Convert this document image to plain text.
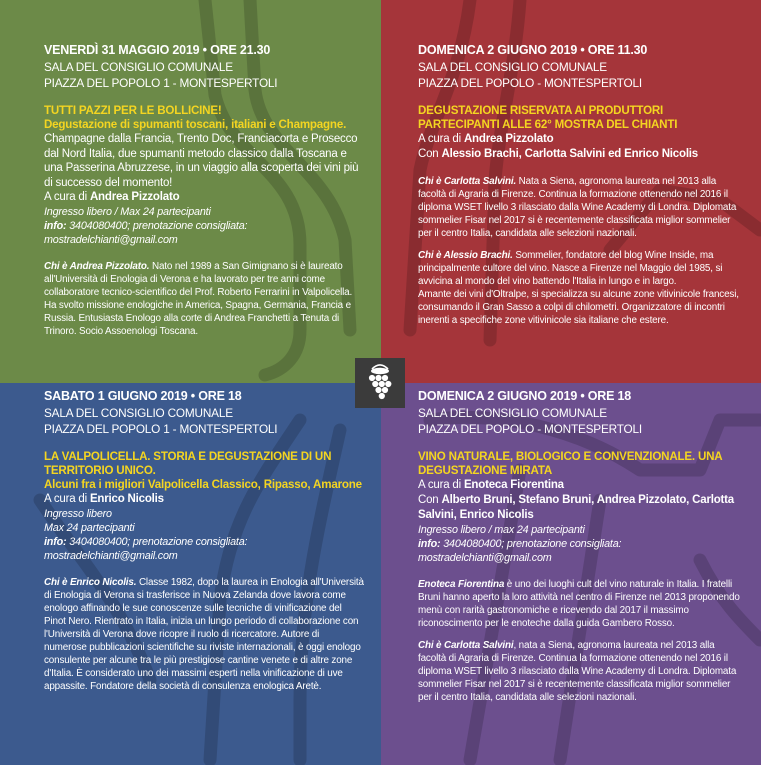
VENERDÌ 31 MAGGIO 2019 • ORE 21.30
SALA DEL CONSIGLIO COMUNALE
PIAZZA DEL POPOLO 1 - MONTESPERTOLI
TUTTI PAZZI PER LE BOLLICINE!
Degustazione di spumanti toscani, italiani e Champagne.
Champagne dalla Francia, Trento Doc, Franciacorta e Prosecco dal Nord Italia, due spumanti metodo classico dalla Toscana e una Passerina Abruzzese, in un viaggio alla scoperta dei vini più di successo del momento!
A cura di Andrea Pizzolato
Ingresso libero / Max 24 partecipanti
info: 3404080400; prenotazione consigliata:
mostradelchianti@gmail.com
Chi è Andrea Pizzolato. Nato nel 1989 a San Gimignano si è laureato all'Università di Enologia di Verona e ha lavorato per tre anni come collaboratore tecnico-scientifico del Prof. Roberto Ferrarini in Valpolicella. Ha svolto missione enologiche in America, Spagna, Germania, Francia e Russia. Entusiasta Enologo alla corte di Andrea Franchetti a Tenuta di Trinoro. Socio Assoenologi Toscana.
DOMENICA 2 GIUGNO 2019 • ORE 11.30
SALA DEL CONSIGLIO COMUNALE
PIAZZA DEL POPOLO - MONTESPERTOLI
DEGUSTAZIONE RISERVATA AI PRODUTTORI PARTECIPANTI ALLE 62° MOSTRA DEL CHIANTI
A cura di Andrea Pizzolato
Con Alessio Brachi, Carlotta Salvini ed Enrico Nicolis
Chi è Carlotta Salvini. Nata a Siena, agronoma laureata nel 2013 alla facoltà di Agraria di Firenze. Continua la formazione ottenendo nel 2016 il diploma WSET livello 3 rilasciato dalla Wine Academy di Londra. Diplomata sommelier Fisar nel 2017 si è recentemente classificata miglior sommelier per il centro Italia, candidata alle selezioni nazionali.
Chi è Alessio Brachi. Sommelier, fondatore del blog Wine Inside, ma principalmente cultore del vino. Nasce a Firenze nel Maggio del 1985, si avvicina al mondo del vino battendo l'Italia in lungo e in largo.
Amante dei vini d'Oltralpe, si specializza su alcune zone vitivinicole francesi, consumando il Gran Sasso a colpi di chilometri. Organizzatore di incontri inerenti a specifiche zone vitivinicole sia italiane che estere.
SABATO 1 GIUGNO 2019 • ORE 18
SALA DEL CONSIGLIO COMUNALE
PIAZZA DEL POPOLO 1 - MONTESPERTOLI
LA VALPOLICELLA. STORIA E DEGUSTAZIONE DI UN TERRITORIO UNICO.
Alcuni fra i migliori Valpolicella Classico, Ripasso, Amarone
A cura di Enrico Nicolis
Ingresso libero
Max 24 partecipanti
info: 3404080400; prenotazione consigliata:
mostradelchianti@gmail.com
Chi è Enrico Nicolis. Classe 1982, dopo la laurea in Enologia all'Università di Enologia di Verona si trasferisce in Nuova Zelanda dove lavora come enologo affinando le sue conoscenze sulle tecniche di vinificazione del Pinot Nero. Rientrato in Italia, inizia un lungo periodo di collaborazione con l'Università di Verona dove ricopre il ruolo di ricercatore. Autore di numerose pubblicazioni scientifiche su riviste internazionali, è oggi enologo consulente per alcune tra le più prestigiose cantine venete e di altre zone d'Italia. È considerato uno dei massimi esperti nella vinificazione di uve appassite. Fondatore della società di consulenza enologica Aretè.
DOMENICA 2 GIUGNO 2019 • ORE 18
SALA DEL CONSIGLIO COMUNALE
PIAZZA DEL POPOLO - MONTESPERTOLI
VINO NATURALE, BIOLOGICO E CONVENZIONALE. UNA DEGUSTAZIONE MIRATA
A cura di Enoteca Fiorentina
Con Alberto Bruni, Stefano Bruni, Andrea Pizzolato, Carlotta Salvini, Enrico Nicolis
Ingresso libero / max 24 partecipanti
info: 3404080400; prenotazione consigliata:
mostradelchianti@gmail.com
Enoteca Fiorentina è uno dei luoghi cult del vino naturale in Italia. I fratelli Bruni hanno aperto la loro attività nel centro di Firenze nel 2013 proponendo menù con rarità gastronomiche e ricevendo dal 2017 il massimo riconoscimento per le enoteche dalla guida Gambero Rosso.
Chi è Carlotta Salvini, nata a Siena, agronoma laureata nel 2013 alla facoltà di Agraria di Firenze. Continua la formazione ottenendo nel 2016 il diploma WSET livello 3 rilasciato dalla Wine Academy di Londra. Diplomata sommelier Fisar nel 2017 si è recentemente classificata miglior sommelier per il centro Italia, candidata alle selezioni nazionali.
